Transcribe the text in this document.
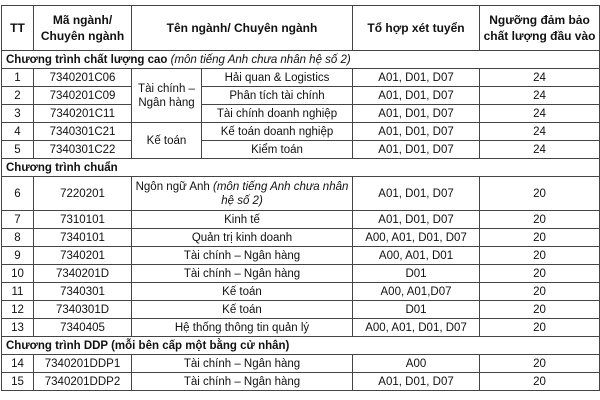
TT	Mã ngành/ Chuyên ngành	Tên ngành/ Chuyên ngành		Tổ hợp xét tuyển	Ngưỡng đảm bảo chất lượng đầu vào
Chương trình chất lượng cao (môn tiếng Anh chưa nhân hệ số 2)					
1	7340201C06	Tài chính – Ngân hàng	Hải quan & Logistics	A01, D01, D07	24
2	7340201C09		Phân tích tài chính	A01, D01, D07	24
3	7340201C11		Tài chính doanh nghiệp	A01, D01, D07	24
4	7340301C21	Kế toán	Kế toán doanh nghiệp	A01, D01, D07	24
5	7340301C22		Kiểm toán	A01, D01, D07	24
Chương trình chuẩn					
6	7220201	Ngôn ngữ Anh (môn tiếng Anh chưa nhân hệ số 2)		A01, D01, D07	20
7	7310101	Kinh tế		A01, D01, D07	20
8	7340101	Quản trị kinh doanh		A00, A01, D01, D07	20
9	7340201	Tài chính – Ngân hàng		A00, A01, D01	20
10	7340201D	Tài chính – Ngân hàng		D01	20
11	7340301	Kế toán		A00, A01,D07	20
12	7340301D	Kế toán		D01	20
13	7340405	Hệ thống thông tin quản lý		A00, A01, D01, D07	20
Chương trình DDP (mỗi bên cấp một bằng cử nhân)					
14	7340201DDP1	Tài chính – Ngân hàng		A00	20
15	7340201DDP2	Tài chính – Ngân hàng		A01, D01, D07	20
